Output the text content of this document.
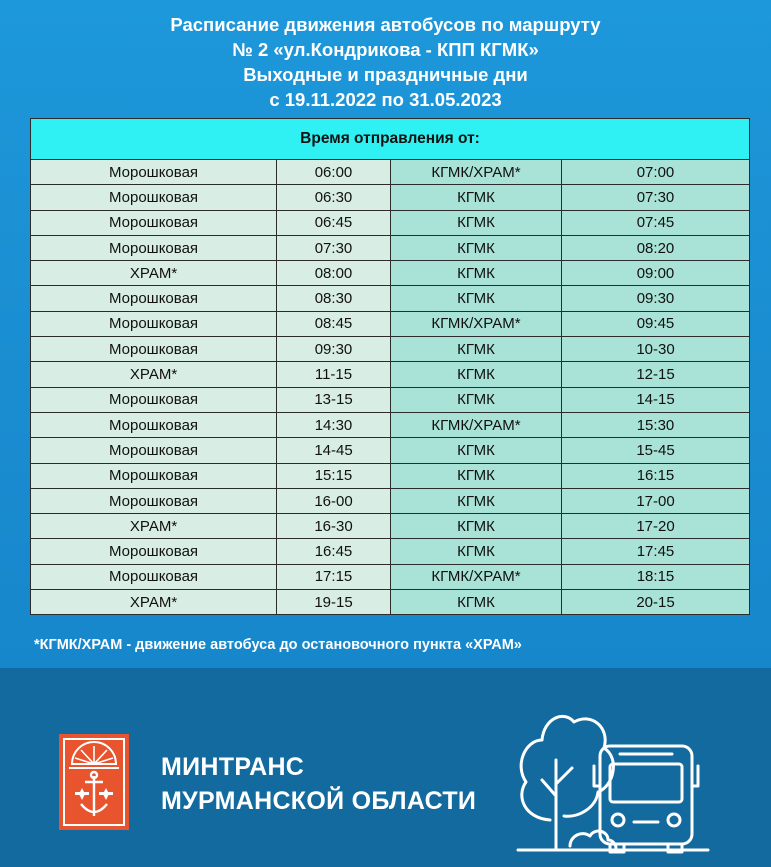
Расписание движения автобусов по маршруту
№ 2 «ул.Кондрикова - КПП КГМК»
Выходные и праздничные дни
с 19.11.2022 по 31.05.2023
Время отправления от:			
Морошковая	06:00	КГМК/ХРАМ*	07:00
Морошковая	06:30	КГМК	07:30
Морошковая	06:45	КГМК	07:45
Морошковая	07:30	КГМК	08:20
ХРАМ*	08:00	КГМК	09:00
Морошковая	08:30	КГМК	09:30
Морошковая	08:45	КГМК/ХРАМ*	09:45
Морошковая	09:30	КГМК	10-30
ХРАМ*	11-15	КГМК	12-15
Морошковая	13-15	КГМК	14-15
Морошковая	14:30	КГМК/ХРАМ*	15:30
Морошковая	14-45	КГМК	15-45
Морошковая	15:15	КГМК	16:15
Морошковая	16-00	КГМК	17-00
ХРАМ*	16-30	КГМК	17-20
Морошковая	16:45	КГМК	17:45
Морошковая	17:15	КГМК/ХРАМ*	18:15
ХРАМ*	19-15	КГМК	20-15
*КГМК/ХРАМ - движение автобуса до остановочного пункта «ХРАМ»
МИНТРАНС
МУРМАНСКОЙ ОБЛАСТИ
